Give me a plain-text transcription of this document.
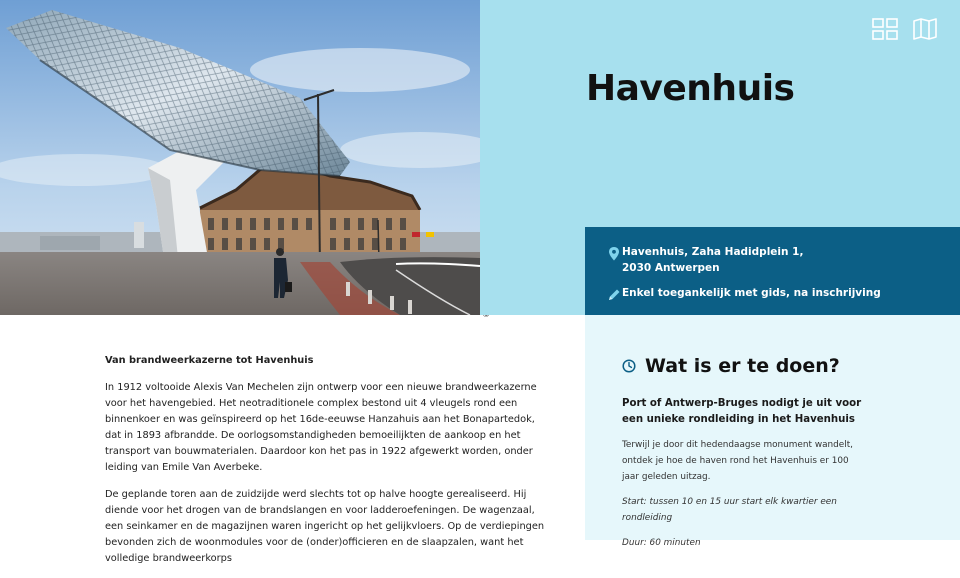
Havenhuis
Havenhuis, Zaha Hadidplein 1, 2030 Antwerpen
Enkel toegankelijk met gids, na inschrijving
Van brandweerkazerne tot Havenhuis

In 1912 voltooide Alexis Van Mechelen zijn ontwerp voor een nieuwe brandweerkazerne voor het havengebied. Het neotraditionele complex bestond uit 4 vleugels rond een binnenkoer en was geïnspireerd op het 16de-eeuwse Hanzahuis aan het Bonapartedok, dat in 1893 afbrandde. De oorlogsomstandigheden bemoeilijkten de aankoop en het transport van bouwmaterialen. Daardoor kon het pas in 1922 afgewerkt worden, onder leiding van Emile Van Averbeke.

De geplande toren aan de zuidzijde werd slechts tot op halve hoogte gerealiseerd. Hij diende voor het drogen van de brandslangen en voor ladderoefeningen. De wagenzaal, een seinkamer en de magazijnen waren ingericht op het gelijkvloers. Op de verdiepingen bevonden zich de woonmodules voor de (onder)officieren en de slaapzalen, want het volledige brandweerkorps

Wat is er te doen?

Port of Antwerp-Bruges nodigt je uit voor een unieke rondleiding in het Havenhuis

Terwijl je door dit hedendaagse monument wandelt, ontdek je hoe de haven rond het Havenhuis er 100 jaar geleden uitzag.

Start: tussen 10 en 15 uur start elk kwartier een rondleiding

Duur: 60 minuten
